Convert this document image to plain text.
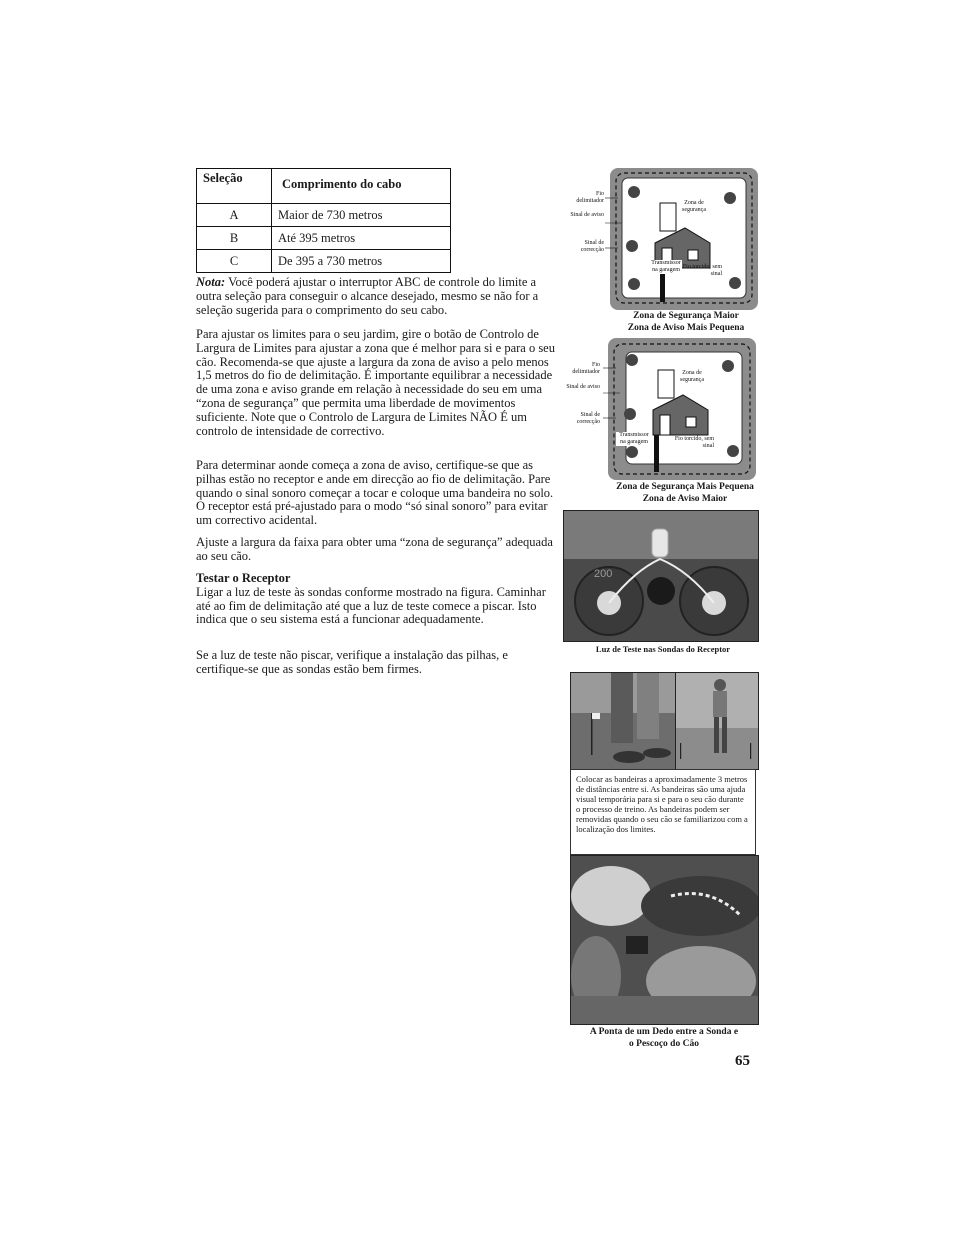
Seleção	Comprimento do cabo
A	Maior de 730 metros
B	Até 395 metros
C	De 395 a 730 metros

Nota: Você poderá ajustar o interruptor ABC de controle do limite a outra seleção para conseguir o alcance desejado, mesmo se não for a seleção sugerida para o comprimento do seu cabo.

Para ajustar os limites para o seu jardim, gire o botão de Controlo de Largura de Limites para ajustar a zona que é melhor para si e para o seu cão. Recomenda-se que ajuste a largura da zona de aviso a pelo menos 1,5 metros do fio de delimitação. É importante equilibrar a necessidade de uma zona e aviso grande em relação à necessidade do seu em uma “zona de segurança” que permita uma liberdade de movimentos suficiente. Note que o Controlo de Largura de Limites NÃO É um controlo de intensidade de correctivo.
Para determinar aonde começa a zona de aviso, certifique-se que as pilhas estão no receptor e ande em direcção ao fio de delimitação. Pare quando o sinal sonoro começar a tocar e coloque uma bandeira no solo. O receptor está pré-ajustado para o modo “só sinal sonoro” para evitar um correctivo acidental.
Ajuste a largura da faixa para obter uma “zona de segurança” adequada ao seu cão.

Testar o Receptor

Ligar a luz de teste às sondas conforme mostrado na figura. Caminhar até ao fim de delimitação até que a luz de teste comece a piscar. Isto indica que o seu sistema está a funcionar adequadamente.

Se a luz de teste não piscar, verifique a instalação das pilhas, e certifique-se que as sondas estão bem firmes.
Fio delimitador
Sinal de aviso
Sinal de correcção
Zona de segurança
Transmissor na garagem Fio torcido, sem sinal
Zona de Segurança Maior
Zona de Aviso Mais Pequena
Fio delimitador
Sinal de aviso
Sinal de correcção
Zona de segurança
Transmissor na garagem	Fio torcido, sem sinal
Zona de Segurança Mais Pequena
Zona de Aviso Maior
200
Luz de Teste nas Sondas do Receptor
Colocar as bandeiras a aproximadamente 3 metros de distâncias entre si. As bandeiras são uma ajuda visual temporária para si e para o seu cão durante o processo de treino. As bandeiras podem ser removidas quando o seu cão se familiarizou com a localização dos limites.
A Ponta de um Dedo entre a Sonda e
o Pescoço do Cão
65
